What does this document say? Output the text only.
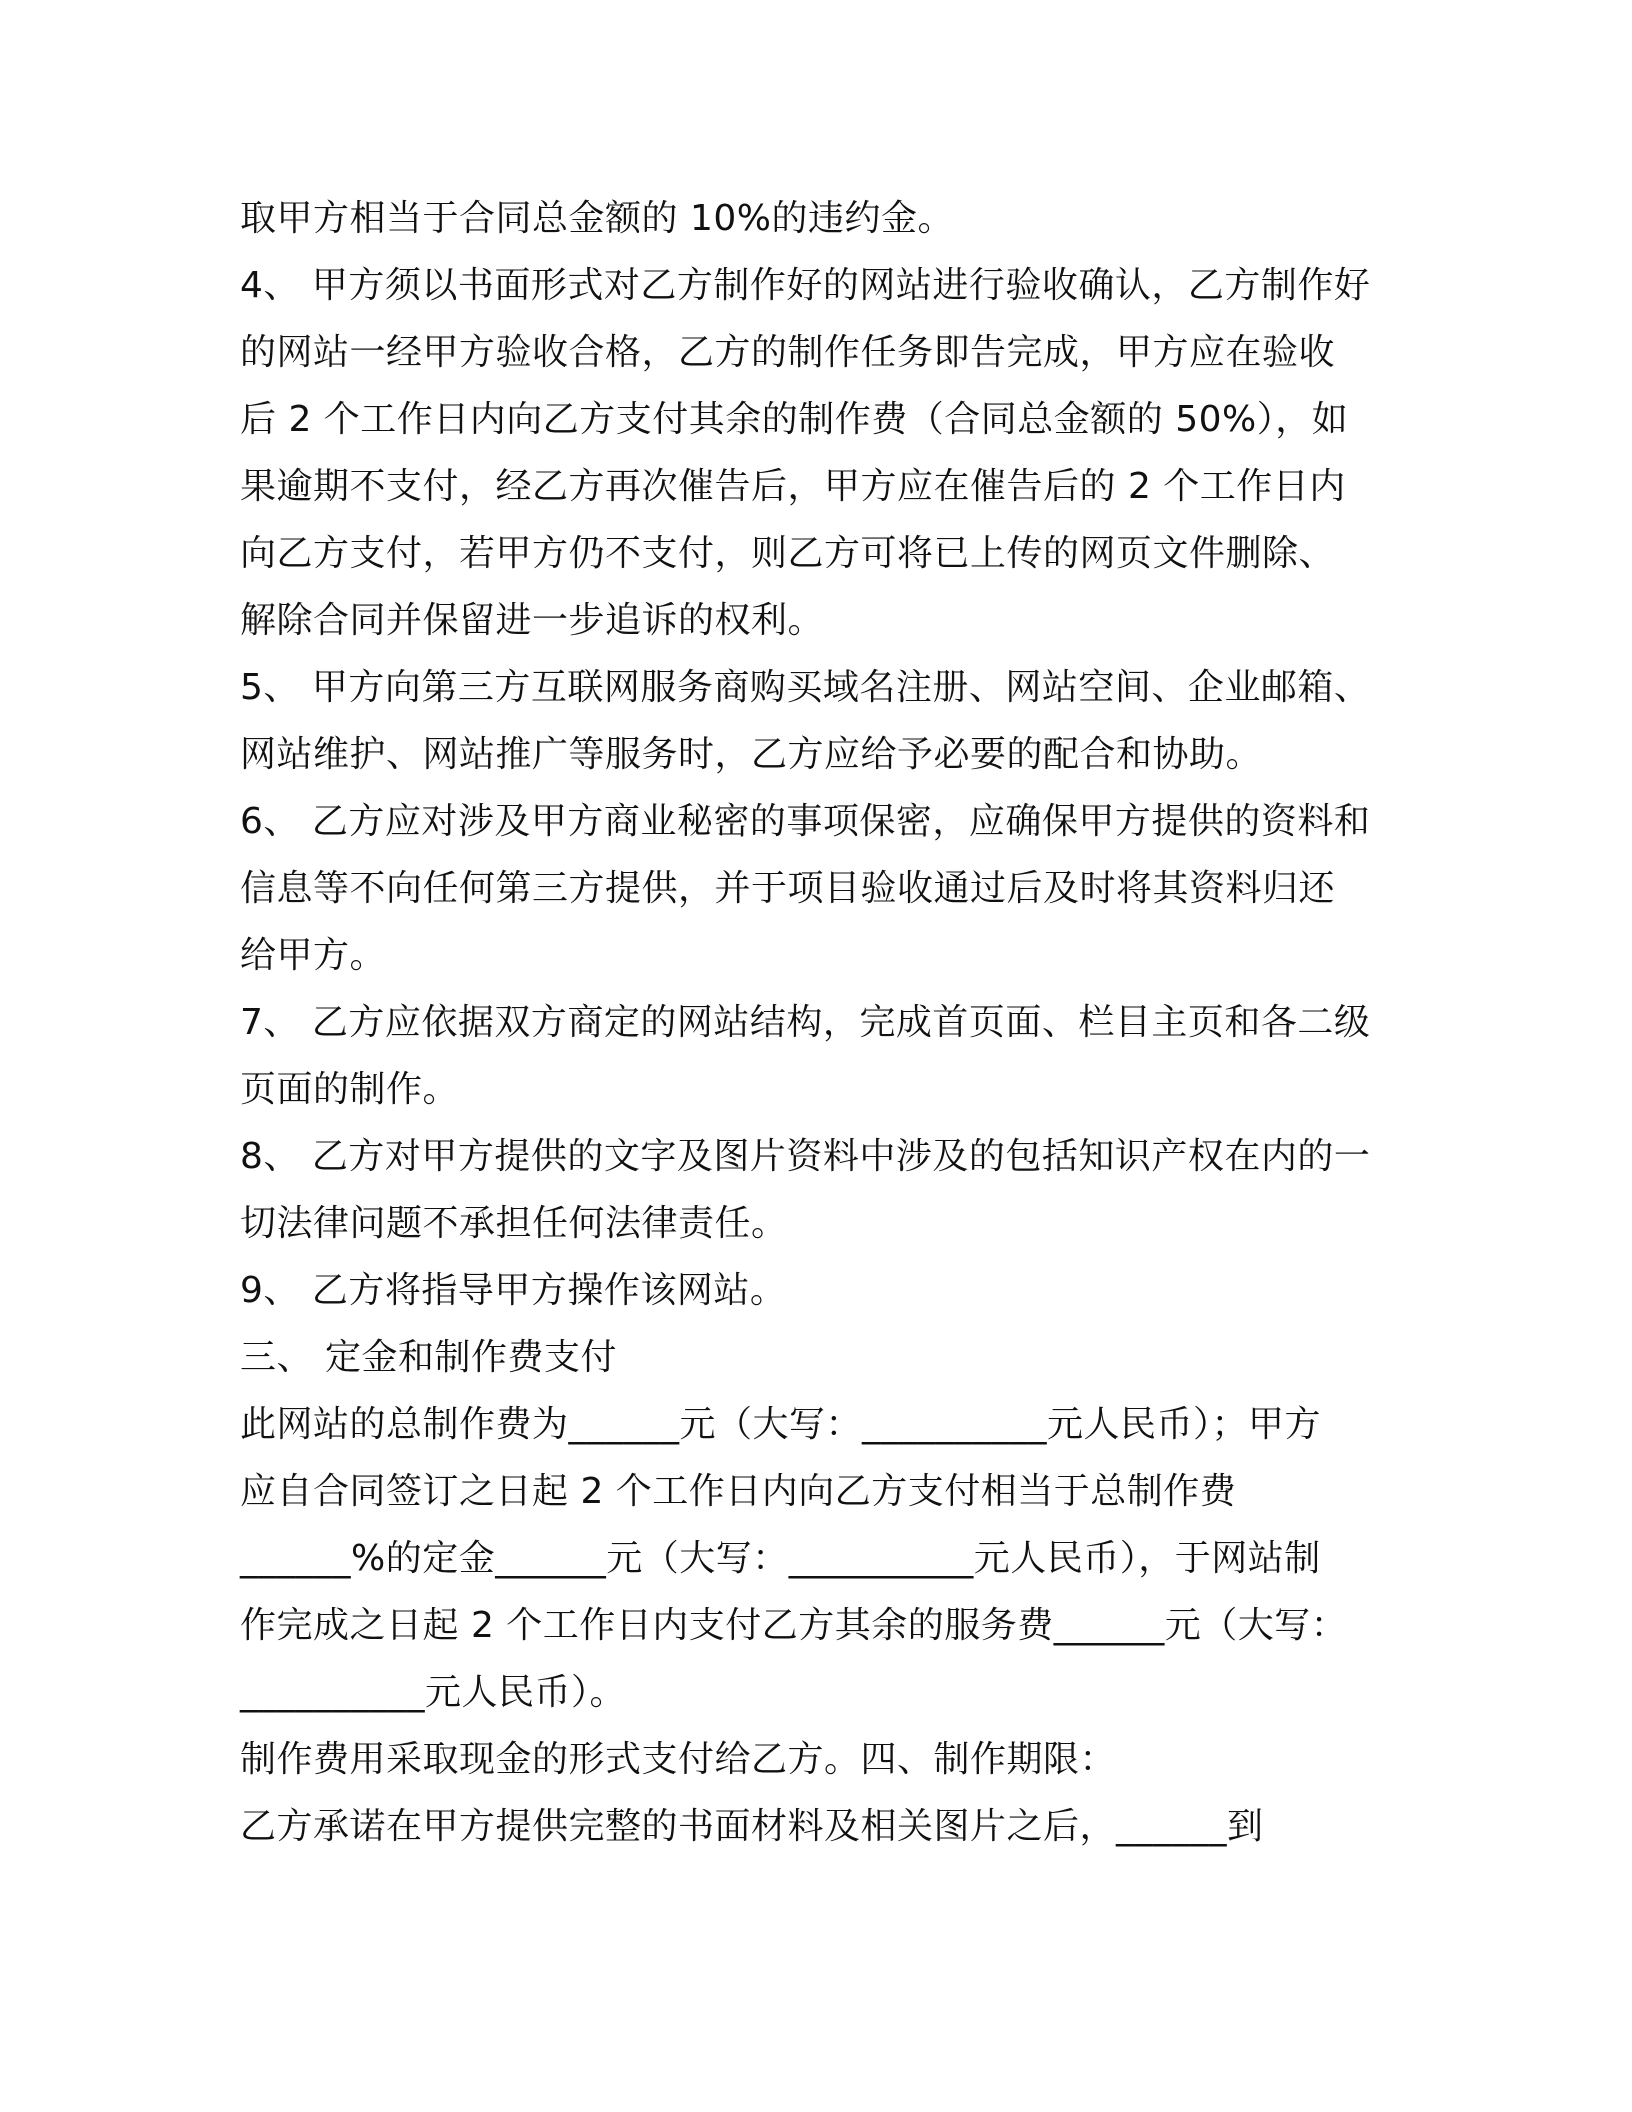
取甲方相当于合同总金额的 10%的违约金。
4、 甲方须以书面形式对乙方制作好的网站进行验收确认，乙方制作好
的网站一经甲方验收合格，乙方的制作任务即告完成，甲方应在验收
后 2 个工作日内向乙方支付其余的制作费（合同总金额的 50%），如
果逾期不支付，经乙方再次催告后，甲方应在催告后的 2 个工作日内
向乙方支付，若甲方仍不支付，则乙方可将已上传的网页文件删除、
解除合同并保留进一步追诉的权利。
5、 甲方向第三方互联网服务商购买域名注册、网站空间、企业邮箱、
网站维护、网站推广等服务时，乙方应给予必要的配合和协助。
6、 乙方应对涉及甲方商业秘密的事项保密，应确保甲方提供的资料和
信息等不向任何第三方提供，并于项目验收通过后及时将其资料归还
给甲方。
7、 乙方应依据双方商定的网站结构，完成首页面、栏目主页和各二级
页面的制作。
8、 乙方对甲方提供的文字及图片资料中涉及的包括知识产权在内的一
切法律问题不承担任何法律责任。
9、 乙方将指导甲方操作该网站。
三、 定金和制作费支付
此网站的总制作费为______元（大写：__________元人民币）；甲方
应自合同签订之日起 2 个工作日内向乙方支付相当于总制作费
______%的定金______元（大写：__________元人民币），于网站制
作完成之日起 2 个工作日内支付乙方其余的服务费______元（大写：
__________元人民币）。
制作费用采取现金的形式支付给乙方。四、制作期限：
乙方承诺在甲方提供完整的书面材料及相关图片之后，______到
